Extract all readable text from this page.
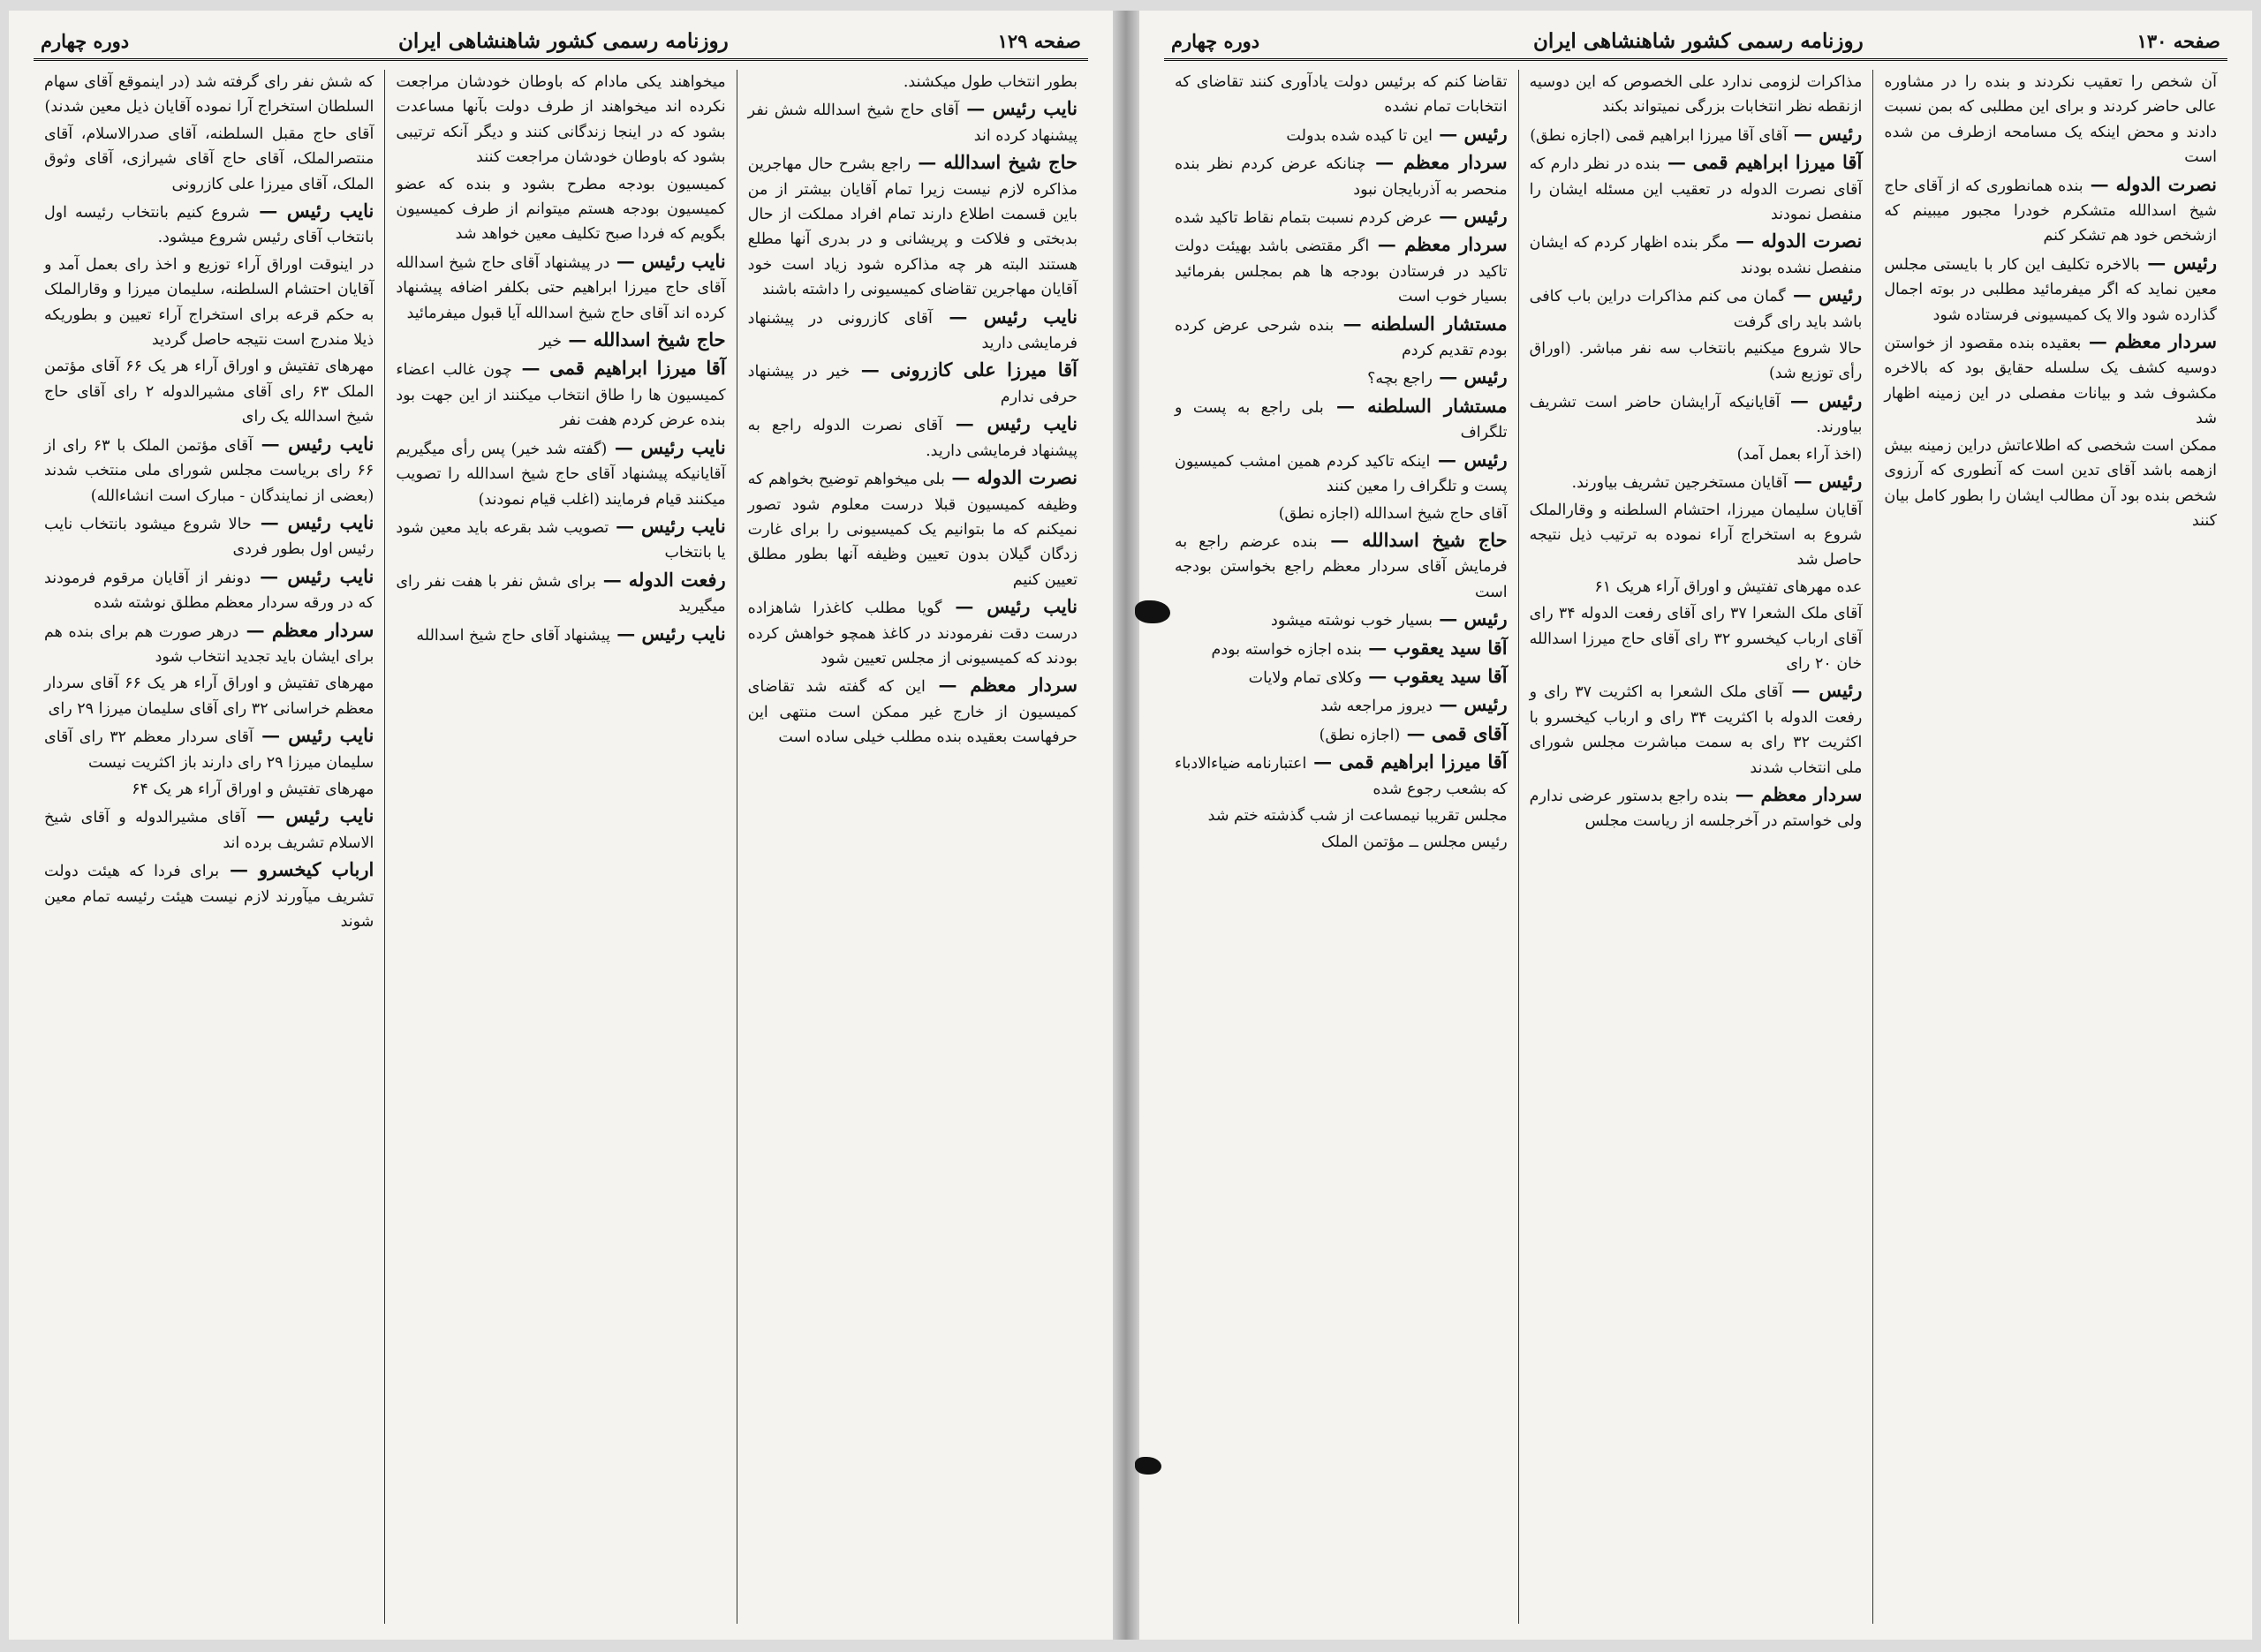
صفحه ۱۲۹
روزنامه رسمی کشور شاهنشاهی ایران
دوره چهارم

بطور انتخاب طول میکشند.

نایب رئیس — آقای حاج شیخ اسدالله شش نفر پیشنهاد کرده اند

حاج شیخ اسدالله — راجع بشرح حال مهاجرین مذاکره لازم نیست زیرا تمام آقایان بیشتر از من باین قسمت اطلاع دارند تمام افراد مملکت از حال بدبختی و فلاکت و پریشانی و در بدری آنها مطلع هستند البته هر چه مذاکره شود زیاد است خود آقایان مهاجرین تقاضای کمیسیونی را داشته باشند

نایب رئیس — آقای کازرونی در پیشنهاد فرمایشی دارید

آقا میرزا علی کازرونی — خیر در پیشنهاد حرفی ندارم

نایب رئیس — آقای نصرت الدوله راجع به پیشنهاد فرمایشی دارید.

نصرت الدوله — بلی میخواهم توضیح بخواهم که وظیفه کمیسیون قبلا درست معلوم شود تصور نمیکنم که ما بتوانیم یک کمیسیونی را برای غارت زدگان گیلان بدون تعیین وظیفه آنها بطور مطلق تعیین کنیم

نایب رئیس — گویا مطلب کاغذرا شاهزاده درست دقت نفرمودند در کاغذ همچو خواهش کرده بودند که کمیسیونی از مجلس تعیین شود

سردار معظم — این که گفته شد تقاضای کمیسیون از خارج غیر ممکن است منتهی این حرفهاست بعقیده بنده مطلب خیلی ساده است

میخواهند یکی مادام که باوطان خودشان مراجعت نکرده اند میخواهند از طرف دولت بآنها مساعدت بشود که در اینجا زندگانی کنند و دیگر آنکه ترتیبی بشود که باوطان خودشان مراجعت کنند

کمیسیون بودجه مطرح بشود و بنده که عضو کمیسیون بودجه هستم میتوانم از طرف کمیسیون بگویم که فردا صبح تکلیف معین خواهد شد

نایب رئیس — در پیشنهاد آقای حاج شیخ اسدالله آقای حاج میرزا ابراهیم حتی بکلفر اضافه پیشنهاد کرده اند آقای حاج شیخ اسدالله آیا قبول میفرمائید

حاج شیخ اسدالله — خیر

آقا میرزا ابراهیم قمی — چون غالب اعضاء کمیسیون ها را طاق انتخاب میکنند از این جهت بود بنده عرض کردم هفت نفر

نایب رئیس — (گفته شد خیر) پس رأی میگیریم آقایانیکه پیشنهاد آقای حاج شیخ اسدالله را تصویب میکنند قیام فرمایند (اغلب قیام نمودند)

نایب رئیس — تصویب شد بقرعه باید معین شود یا بانتخاب

رفعت الدوله — برای شش نفر با هفت نفر رای میگیرید

نایب رئیس — پیشنهاد آقای حاج شیخ اسدالله

که شش نفر رای گرفته شد (در اینموقع آقای سهام السلطان استخراج آرا نموده آقایان ذیل معین شدند)

آقای حاج مقبل السلطنه، آقای صدرالاسلام، آقای منتصرالملک، آقای حاج آقای شیرازی، آقای وثوق الملک، آقای میرزا علی کازرونی

نایب رئیس — شروع کنیم بانتخاب رئیسه اول بانتخاب آقای رئیس شروع میشود.

در اینوقت اوراق آراء توزیع و اخذ رای بعمل آمد و آقایان احتشام السلطنه، سلیمان میرزا و وقارالملک به حکم قرعه برای استخراج آراء تعیین و بطوریکه ذیلا مندرج است نتیجه حاصل گردید

مهرهای تفتیش و اوراق آراء هر یک ۶۶ آقای مؤتمن الملک ۶۳ رای آقای مشیرالدوله ۲ رای آقای حاج شیخ اسدالله یک رای

نایب رئیس — آقای مؤتمن الملک با ۶۳ رای از ۶۶ رای بریاست مجلس شورای ملی منتخب شدند (بعضی از نمایندگان - مبارک است انشاءالله)

نایب رئیس — حالا شروع میشود بانتخاب نایب رئیس اول بطور فردی

نایب رئیس — دونفر از آقایان مرقوم فرمودند که در ورقه سردار معظم مطلق نوشته شده

سردار معظم — درهر صورت هم برای بنده هم برای ایشان باید تجدید انتخاب شود

مهرهای تفتیش و اوراق آراء هر یک ۶۶ آقای سردار معظم خراسانی ۳۲ رای آقای سلیمان میرزا ۲۹ رای

نایب رئیس — آقای سردار معظم ۳۲ رای آقای سلیمان میرزا ۲۹ رای دارند باز اکثریت نیست

مهرهای تفتیش و اوراق آراء هر یک ۶۴

نایب رئیس — آقای مشیرالدوله و آقای شیخ الاسلام تشریف برده اند

ارباب کیخسرو — برای فردا که هیئت دولت تشریف میآورند لازم نیست هیئت رئیسه تمام معین شوند

صفحه ۱۳۰
روزنامه رسمی کشور شاهنشاهی ایران
دوره چهارم

آن شخص را تعقیب نکردند و بنده را در مشاوره عالی حاضر کردند و برای این مطلبی که بمن نسبت دادند و محض اینکه یک مسامحه ازطرف من شده است

نصرت الدوله — بنده همانطوری که از آقای حاج شیخ اسدالله متشکرم خودرا مجبور میبینم که ازشخص خود هم تشکر کنم

رئیس — بالاخره تکلیف این کار با بایستی مجلس معین نماید که اگر میفرمائید مطلبی در بوته اجمال گذارده شود والا یک کمیسیونی فرستاده شود

سردار معظم — بعقیده بنده مقصود از خواستن دوسیه کشف یک سلسله حقایق بود که بالاخره مکشوف شد و بیانات مفصلی در این زمینه اظهار شد

ممکن است شخصی که اطلاعاتش دراین زمینه بیش ازهمه باشد آقای تدین است که آنطوری که آرزوی شخص بنده بود آن مطالب ایشان را بطور کامل بیان کنند

مذاکرات لزومی ندارد علی الخصوص که این دوسیه ازنقطه نظر انتخابات بزرگی نمیتواند بکند

رئیس — آقای آقا میرزا ابراهیم قمی (اجازه نطق)

آقا میرزا ابراهیم قمی — بنده در نظر دارم که آقای نصرت الدوله در تعقیب این مسئله ایشان را منفصل نمودند

نصرت الدوله — مگر بنده اظهار کردم که ایشان منفصل نشده بودند

رئیس — گمان می کنم مذاکرات دراین باب کافی باشد باید رای گرفت

حالا شروع میکنیم بانتخاب سه نفر مباشر. (اوراق رأی توزیع شد)

رئیس — آقایانیکه آرایشان حاضر است تشریف بیاورند.

(اخذ آراء بعمل آمد)

رئیس — آقایان مستخرجین تشریف بیاورند.

آقایان سلیمان میرزا، احتشام السلطنه و وقارالملک شروع به استخراج آراء نموده به ترتیب ذیل نتیجه حاصل شد

عده مهرهای تفتیش و اوراق آراء هریک ۶۱

آقای ملک الشعرا ۳۷ رای آقای رفعت الدوله ۳۴ رای آقای ارباب کیخسرو ۳۲ رای آقای حاج میرزا اسدالله خان ۲۰ رای

رئیس — آقای ملک الشعرا به اکثریت ۳۷ رای و رفعت الدوله با اکثریت ۳۴ رای و ارباب کیخسرو با اکثریت ۳۲ رای به سمت مباشرت مجلس شورای ملی انتخاب شدند

سردار معظم — بنده راجع بدستور عرضی ندارم ولی خواستم در آخرجلسه از ریاست مجلس

تقاضا کنم که برئیس دولت یادآوری کنند تقاضای که انتخابات تمام نشده

رئیس — این تا کیده شده بدولت

سردار معظم — چنانکه عرض کردم نظر بنده منحصر به آذربایجان نبود

رئیس — عرض کردم نسبت بتمام نقاط تاکید شده

سردار معظم — اگر مقتضی باشد بهیئت دولت تاکید در فرستادن بودجه ها هم بمجلس بفرمائید بسیار خوب است

مستشار السلطنه — بنده شرحی عرض کرده بودم تقدیم کردم

رئیس — راجع بچه؟

مستشار السلطنه — بلی راجع به پست و تلگراف

رئیس — اینکه تاکید کردم همین امشب کمیسیون پست و تلگراف را معین کنند

آقای حاج شیخ اسدالله (اجازه نطق)

حاج شیخ اسدالله — بنده عرضم راجع به فرمایش آقای سردار معظم راجع بخواستن بودجه است

رئیس — بسیار خوب نوشته میشود

آقا سید یعقوب — بنده اجازه خواسته بودم

آقا سید یعقوب — وکلای تمام ولایات

رئیس — دیروز مراجعه شد

آقای قمی — (اجازه نطق)

آقا میرزا ابراهیم قمی — اعتبارنامه ضیاءالادباء که بشعب رجوع شده

مجلس تقریبا نیمساعت از شب گذشته ختم شد

رئیس مجلس ــ مؤتمن الملک
